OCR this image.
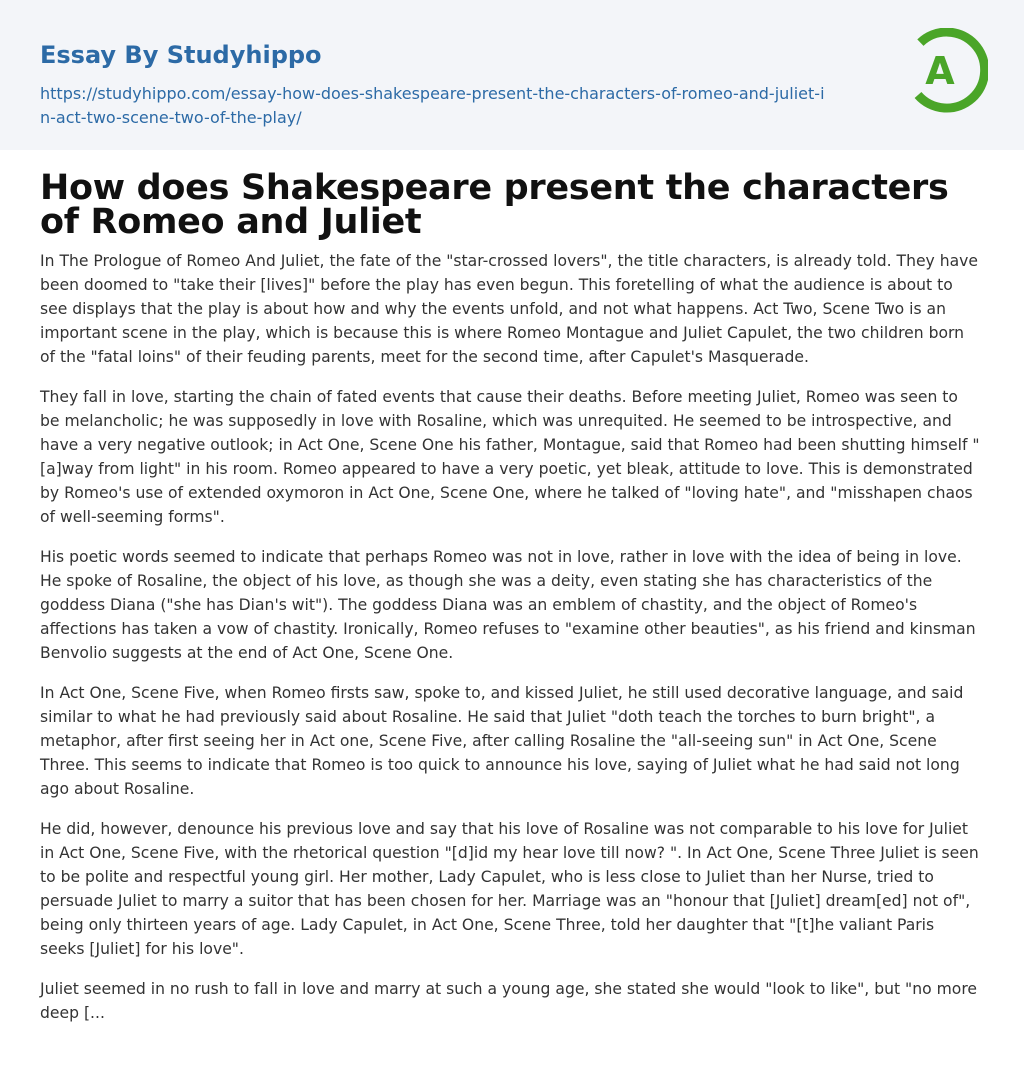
Essay By Studyhippo
https://studyhippo.com/essay-how-does-shakespeare-present-the-characters-of-romeo-and-juliet-in-act-two-scene-two-of-the-play/
A
How does Shakespeare present the characters of Romeo and Juliet

In The Prologue of Romeo And Juliet, the fate of the "star-crossed lovers", the title characters, is already told. They have been doomed to "take their [lives]" before the play has even begun. This foretelling of what the audience is about to see displays that the play is about how and why the events unfold, and not what happens. Act Two, Scene Two is an important scene in the play, which is because this is where Romeo Montague and Juliet Capulet, the two children born of the "fatal loins" of their feuding parents, meet for the second time, after Capulet's Masquerade.

They fall in love, starting the chain of fated events that cause their deaths. Before meeting Juliet, Romeo was seen to be melancholic; he was supposedly in love with Rosaline, which was unrequited. He seemed to be introspective, and have a very negative outlook; in Act One, Scene One his father, Montague, said that Romeo had been shutting himself "[a]way from light" in his room. Romeo appeared to have a very poetic, yet bleak, attitude to love. This is demonstrated by Romeo's use of extended oxymoron in Act One, Scene One, where he talked of "loving hate", and "misshapen chaos of well-seeming forms".

His poetic words seemed to indicate that perhaps Romeo was not in love, rather in love with the idea of being in love. He spoke of Rosaline, the object of his love, as though she was a deity, even stating she has characteristics of the goddess Diana ("she has Dian's wit"). The goddess Diana was an emblem of chastity, and the object of Romeo's affections has taken a vow of chastity. Ironically, Romeo refuses to "examine other beauties", as his friend and kinsman Benvolio suggests at the end of Act One, Scene One.

In Act One, Scene Five, when Romeo firsts saw, spoke to, and kissed Juliet, he still used decorative language, and said similar to what he had previously said about Rosaline. He said that Juliet "doth teach the torches to burn bright", a metaphor, after first seeing her in Act one, Scene Five, after calling Rosaline the "all-seeing sun" in Act One, Scene Three. This seems to indicate that Romeo is too quick to announce his love, saying of Juliet what he had said not long ago about Rosaline.

He did, however, denounce his previous love and say that his love of Rosaline was not comparable to his love for Juliet in Act One, Scene Five, with the rhetorical question "[d]id my hear love till now? ". In Act One, Scene Three Juliet is seen to be polite and respectful young girl. Her mother, Lady Capulet, who is less close to Juliet than her Nurse, tried to persuade Juliet to marry a suitor that has been chosen for her. Marriage was an "honour that [Juliet] dream[ed] not of", being only thirteen years of age. Lady Capulet, in Act One, Scene Three, told her daughter that "[t]he valiant Paris seeks [Juliet] for his love".

Juliet seemed in no rush to fall in love and marry at such a young age, she stated she would "look to like", but "no more deep [...
